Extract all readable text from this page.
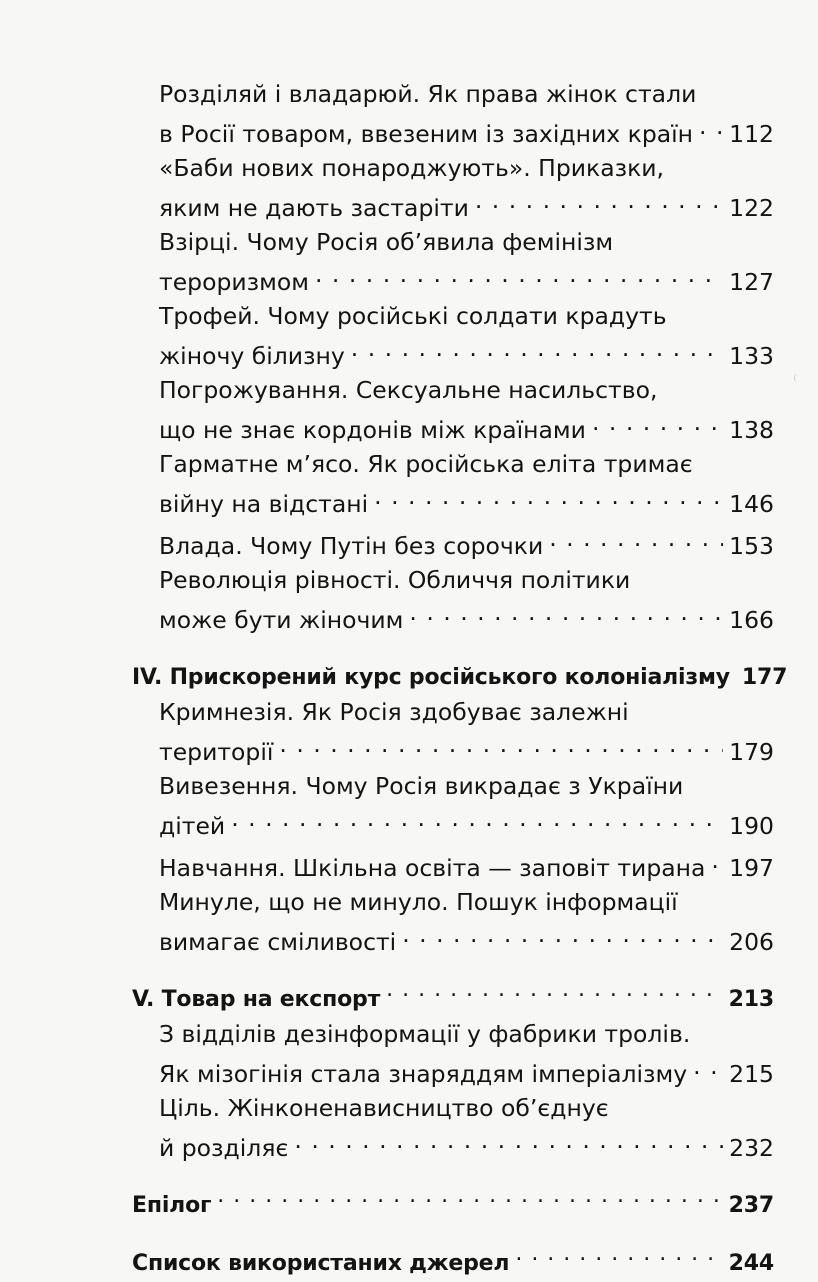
Розділяй і владарюй. Як права жінок стали
в Росії товаром, ввезеним із західних країн . . . 112
«Баби нових понароджують». Приказки,
яким не дають застаріти . . .	122
Взірці. Чому Росія об’явила фемінізм
тероризмом . . .	127
Трофей. Чому російські солдати крадуть
жіночу білизну . . .	133
Погрожування. Сексуальне насильство,
що не знає кордонів між країнами . . .	138
Гарматне м’ясо. Як російська еліта тримає
війну на відстані . . .	146
Влада. Чому Путін без сорочки . . .	153
Революція рівності. Обличчя політики
може бути жіночим . . .	166
IV. Прискорений курс російського колоніалізму 177
Кримнезія. Як Росія здобуває залежні
території . . .	179
Вивезення. Чому Росія викрадає з України
дітей . . .	190
Навчання. Шкільна освіта — заповіт тирана . . . 197
Минуле, що не минуло. Пошук інформації
вимагає сміливості . . .	206
V. Товар на експорт . . .	213
З відділів дезінформації у фабрики тролів.
Як мізогінія стала знаряддям імперіалізму . . . 215
Ціль. Жінконенависництво об’єднує
й розділяє . . .	232
Епілог . . .	237
Список використаних джерел . . .	244
